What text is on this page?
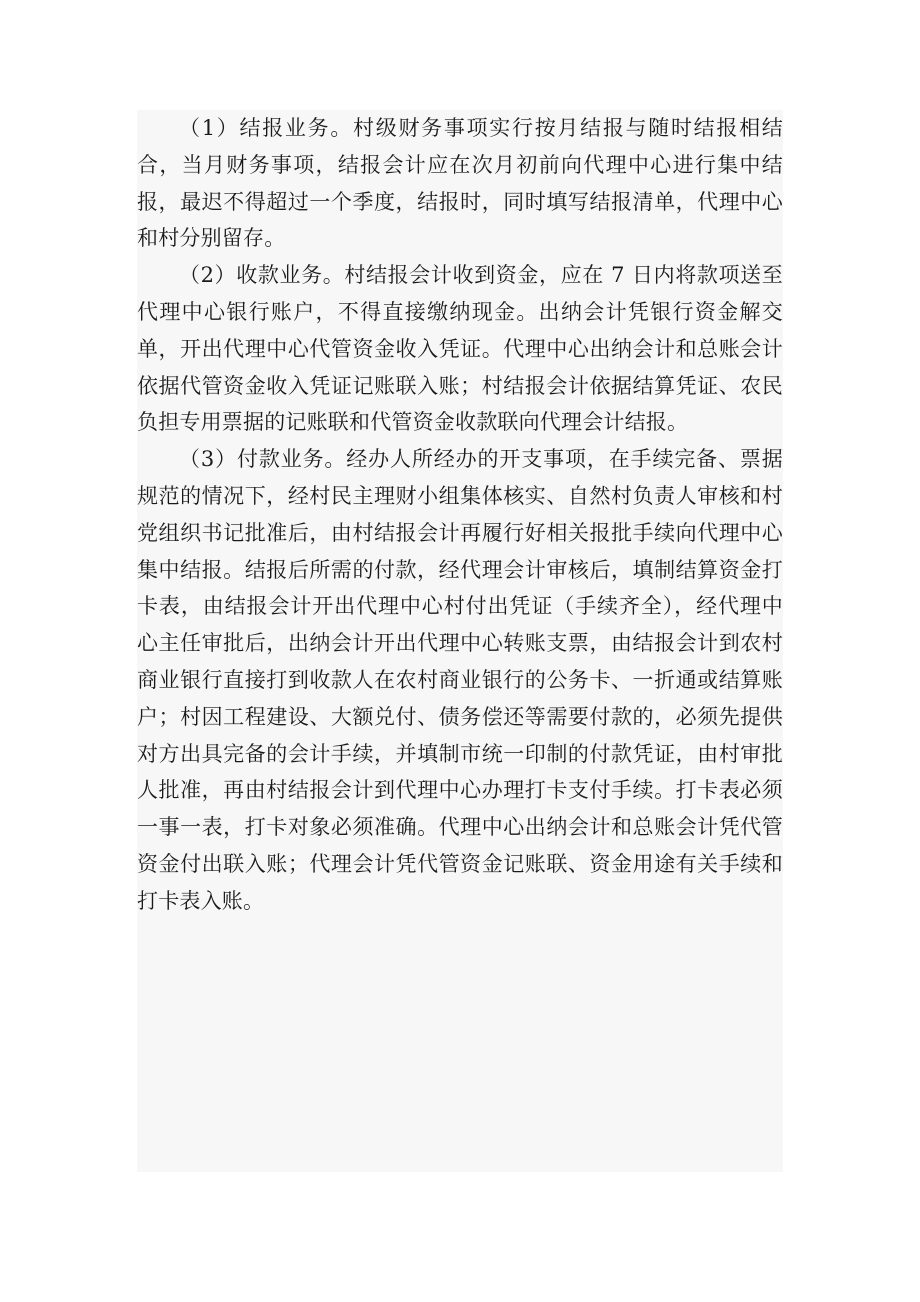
（1）结报业务。村级财务事项实行按月结报与随时结报相结合，当月财务事项，结报会计应在次月初前向代理中心进行集中结报，最迟不得超过一个季度，结报时，同时填写结报清单，代理中心和村分别留存。

（2）收款业务。村结报会计收到资金，应在 7 日内将款项送至代理中心银行账户，不得直接缴纳现金。出纳会计凭银行资金解交单，开出代理中心代管资金收入凭证。代理中心出纳会计和总账会计依据代管资金收入凭证记账联入账；村结报会计依据结算凭证、农民负担专用票据的记账联和代管资金收款联向代理会计结报。

（3）付款业务。经办人所经办的开支事项，在手续完备、票据规范的情况下，经村民主理财小组集体核实、自然村负责人审核和村党组织书记批准后，由村结报会计再履行好相关报批手续向代理中心集中结报。结报后所需的付款，经代理会计审核后，填制结算资金打卡表，由结报会计开出代理中心村付出凭证（手续齐全），经代理中心主任审批后，出纳会计开出代理中心转账支票，由结报会计到农村商业银行直接打到收款人在农村商业银行的公务卡、一折通或结算账户；村因工程建设、大额兑付、债务偿还等需要付款的，必须先提供对方出具完备的会计手续，并填制市统一印制的付款凭证，由村审批人批准，再由村结报会计到代理中心办理打卡支付手续。打卡表必须一事一表，打卡对象必须准确。代理中心出纳会计和总账会计凭代管资金付出联入账；代理会计凭代管资金记账联、资金用途有关手续和打卡表入账。
